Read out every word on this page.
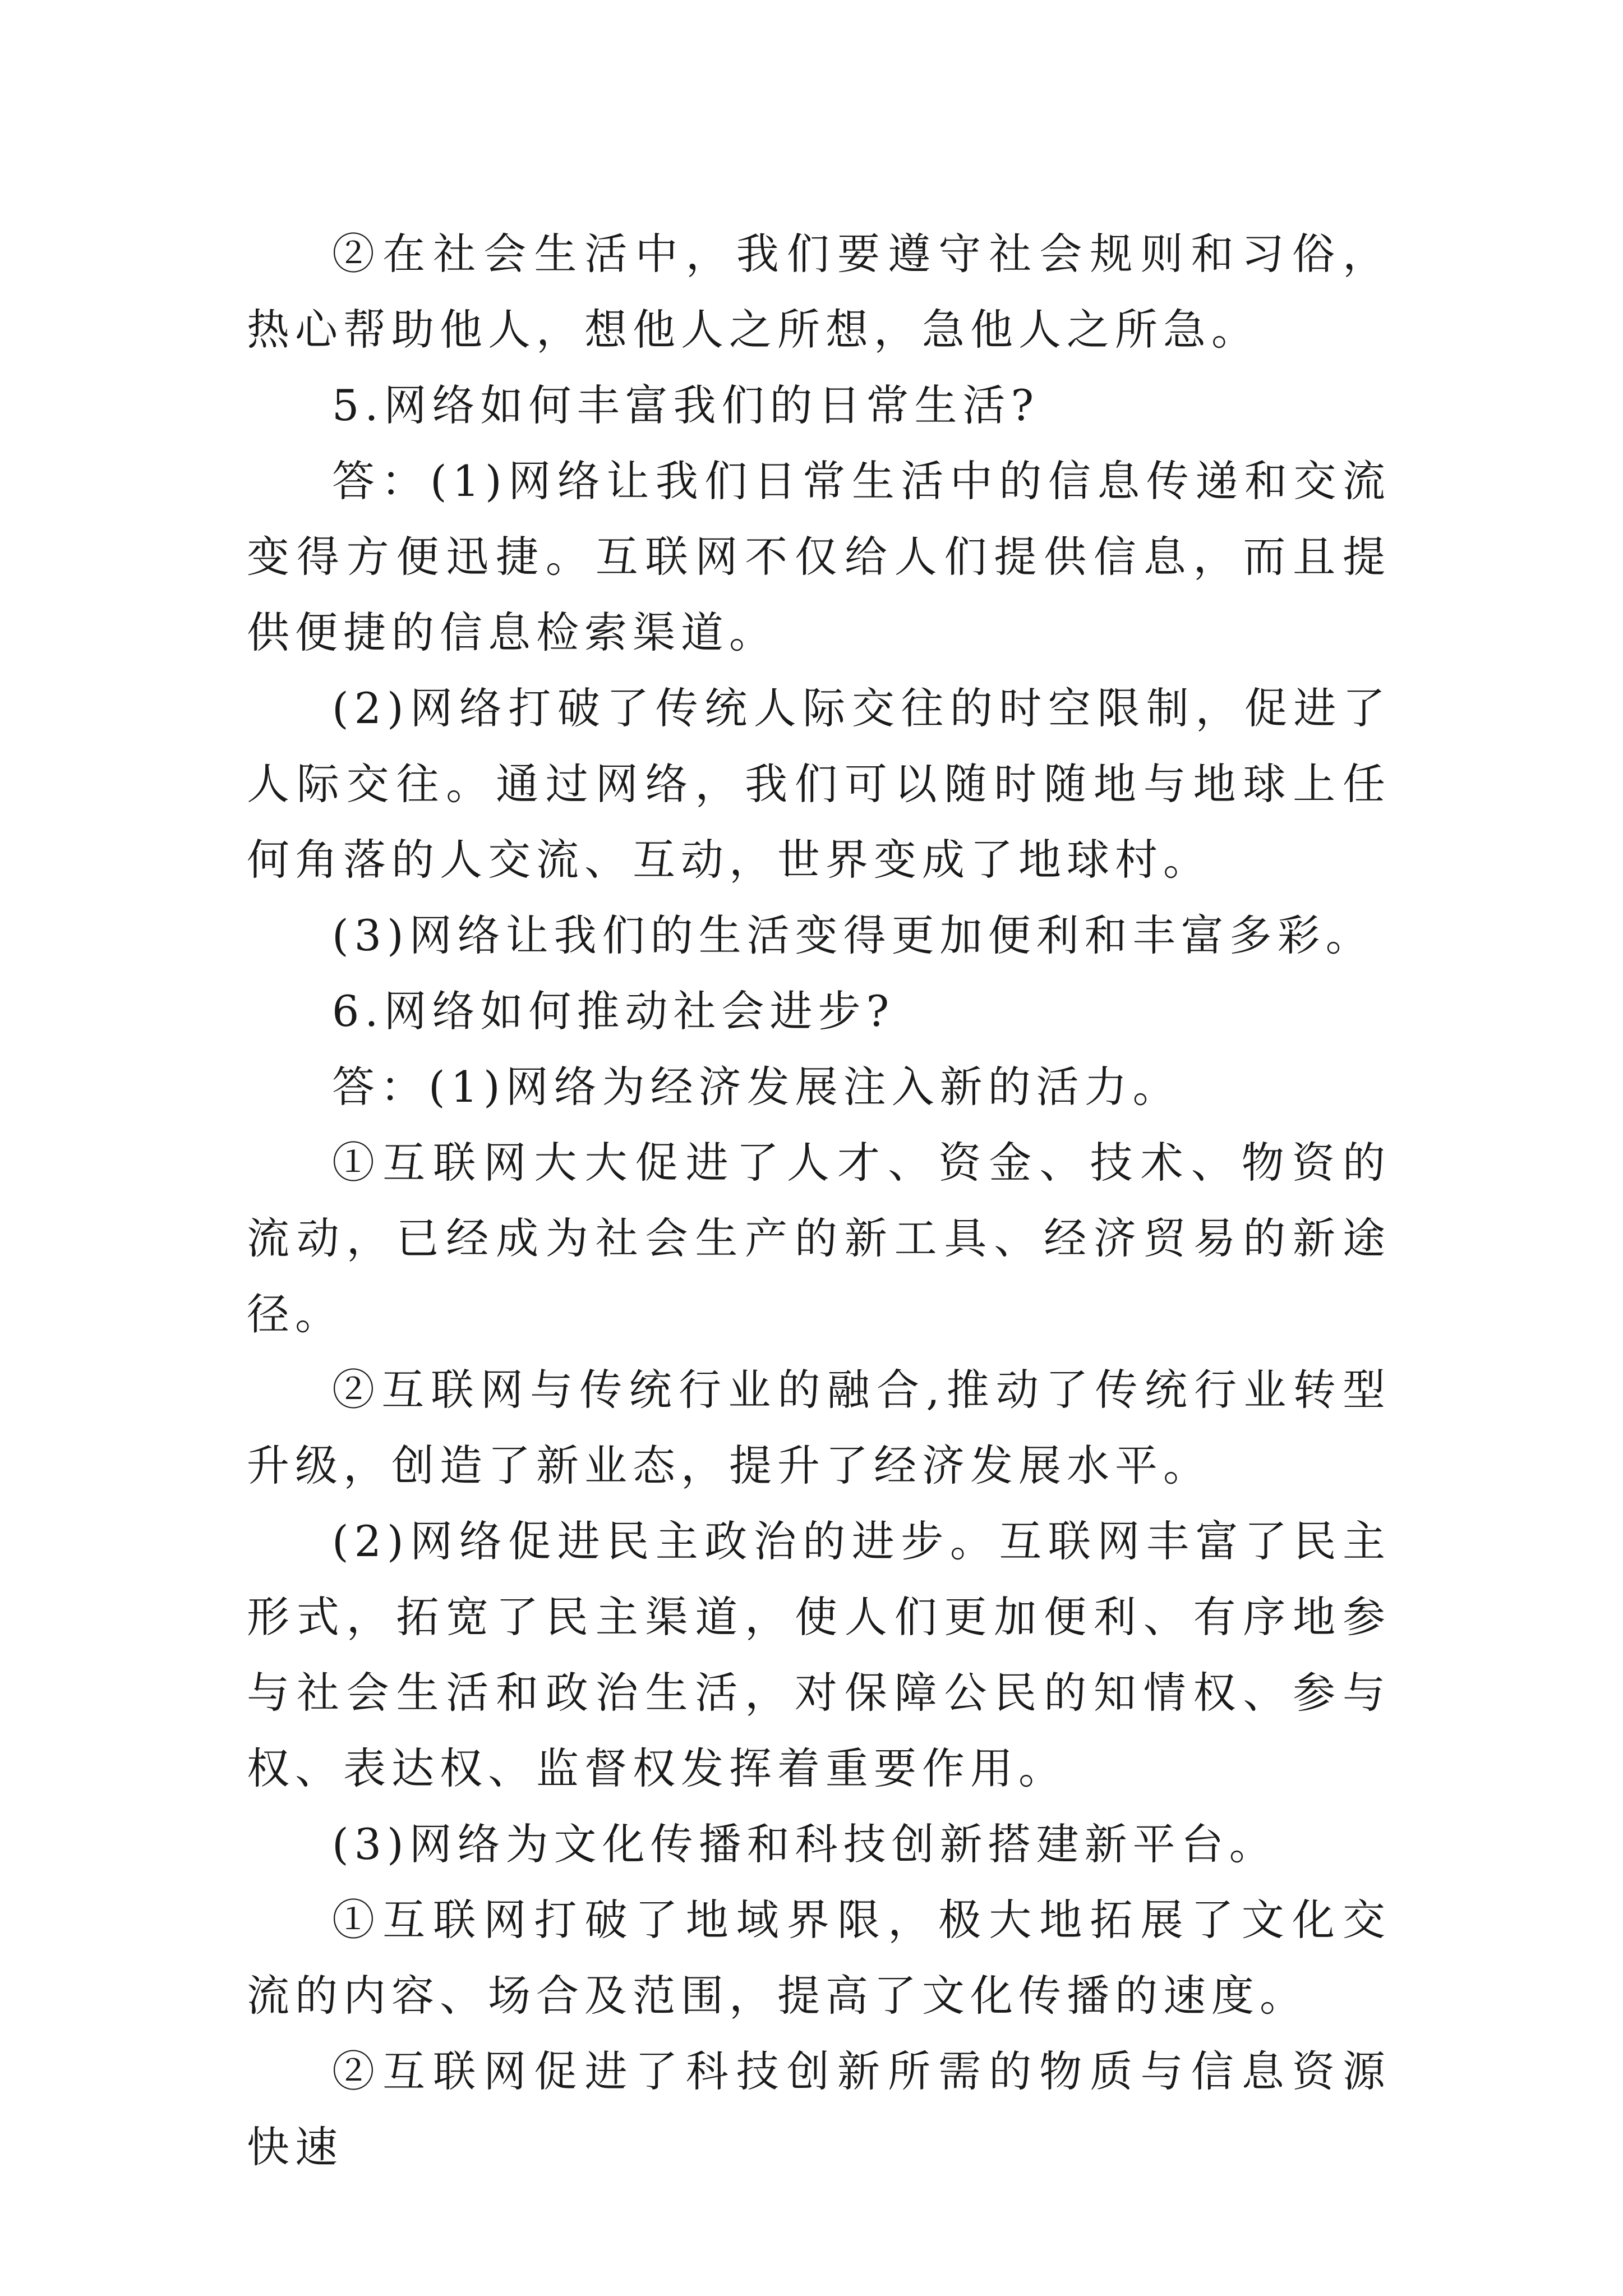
②在社会生活中，我们要遵守社会规则和习俗，热心帮助他人，想他人之所想，急他人之所急。

5.网络如何丰富我们的日常生活?

答：(1)网络让我们日常生活中的信息传递和交流变得方便迅捷。互联网不仅给人们提供信息，而且提供便捷的信息检索渠道。

(2)网络打破了传统人际交往的时空限制，促进了人际交往。通过网络，我们可以随时随地与地球上任何角落的人交流、互动，世界变成了地球村。

(3)网络让我们的生活变得更加便利和丰富多彩。

6.网络如何推动社会进步?

答：(1)网络为经济发展注入新的活力。

①互联网大大促进了人才、资金、技术、物资的流动，已经成为社会生产的新工具、经济贸易的新途径。

②互联网与传统行业的融合,推动了传统行业转型升级，创造了新业态，提升了经济发展水平。

(2)网络促进民主政治的进步。互联网丰富了民主形式，拓宽了民主渠道，使人们更加便利、有序地参与社会生活和政治生活，对保障公民的知情权、参与权、表达权、监督权发挥着重要作用。

(3)网络为文化传播和科技创新搭建新平台。

①互联网打破了地域界限，极大地拓展了文化交流的内容、场合及范围，提高了文化传播的速度。

②互联网促进了科技创新所需的物质与信息资源快速
